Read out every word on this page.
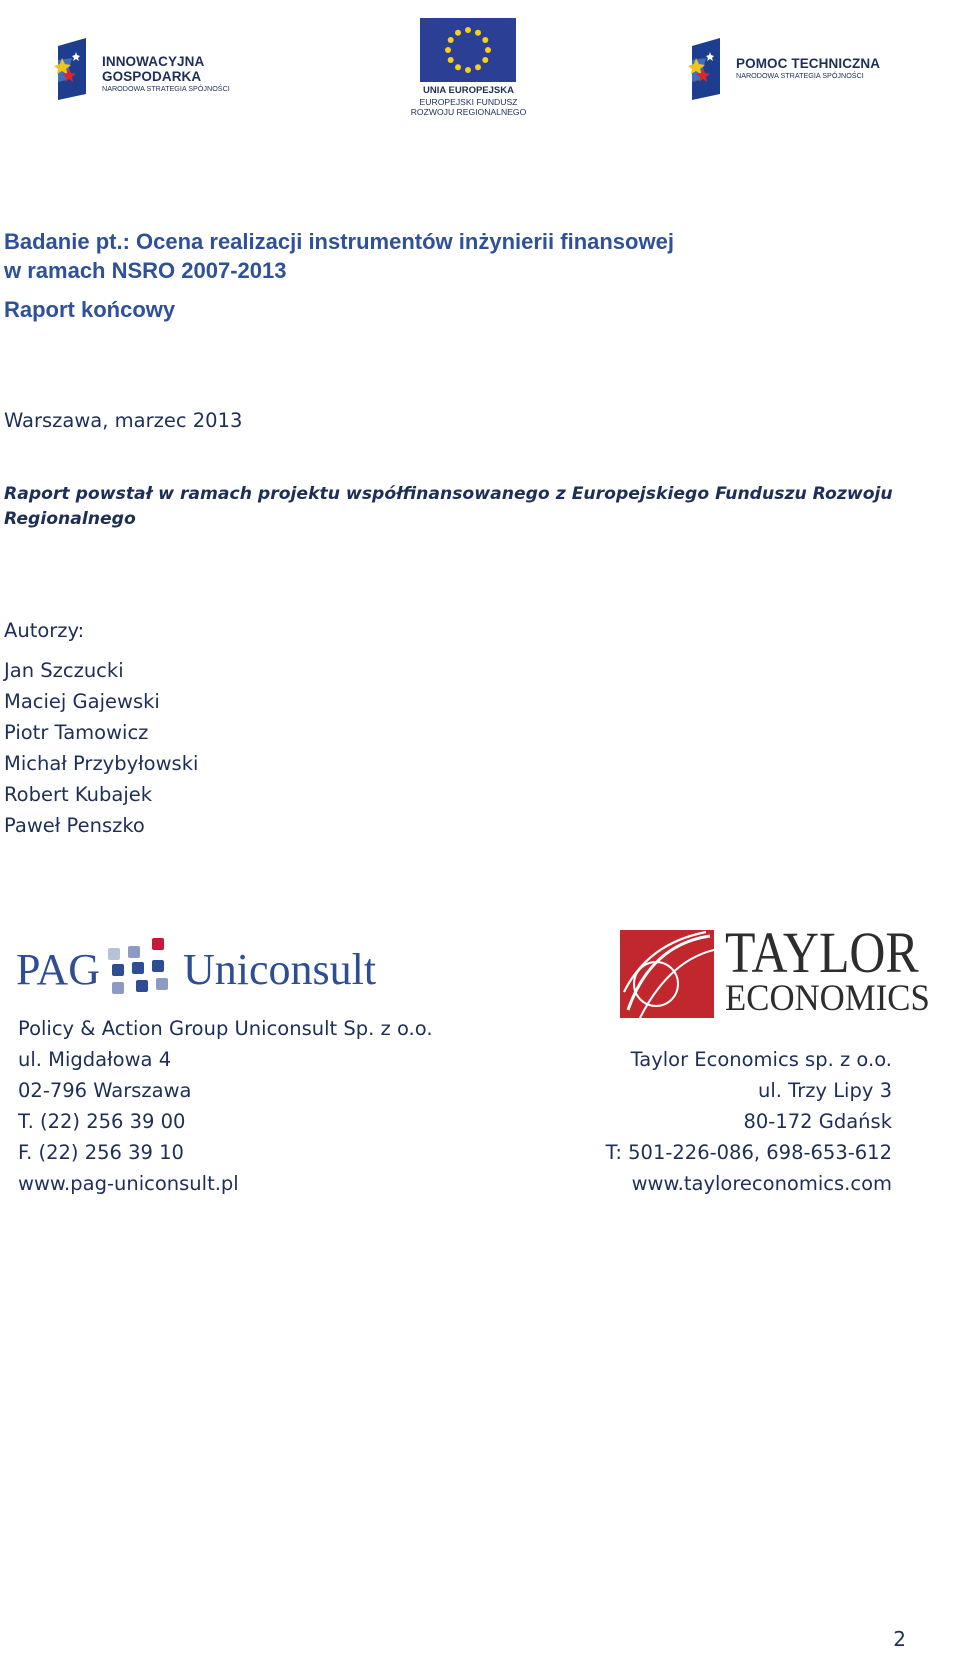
INNOWACYJNA
GOSPODARKA
NARODOWA STRATEGIA SPÓJNOŚCI	UNIA EUROPEJSKA
EUROPEJSKI FUNDUSZ
ROZWOJU REGIONALNEGO
POMOC TECHNICZNA
NARODOWA STRATEGIA SPÓJNOŚCI
Badanie pt.: Ocena realizacji instrumentów inżynierii finansowej
w ramach NSRO 2007-2013
Raport końcowy
Warszawa, marzec 2013
Raport powstał w ramach projektu współfinansowanego z Europejskiego Funduszu Rozwoju Regionalnego
Autorzy:
Jan Szczucki
Maciej Gajewski
Piotr Tamowicz
Michał Przybyłowski
Robert Kubajek
Paweł Penszko
PAG Uniconsult	TAYLOR
ECONOMICS
Policy & Action Group Uniconsult Sp. z o.o.
ul. Migdałowa 4
02-796 Warszawa
T. (22) 256 39 00
F. (22) 256 39 10
www.pag-uniconsult.pl
Taylor Economics sp. z o.o.
ul. Trzy Lipy 3
80-172 Gdańsk
T: 501-226-086, 698-653-612
www.tayloreconomics.com
2
